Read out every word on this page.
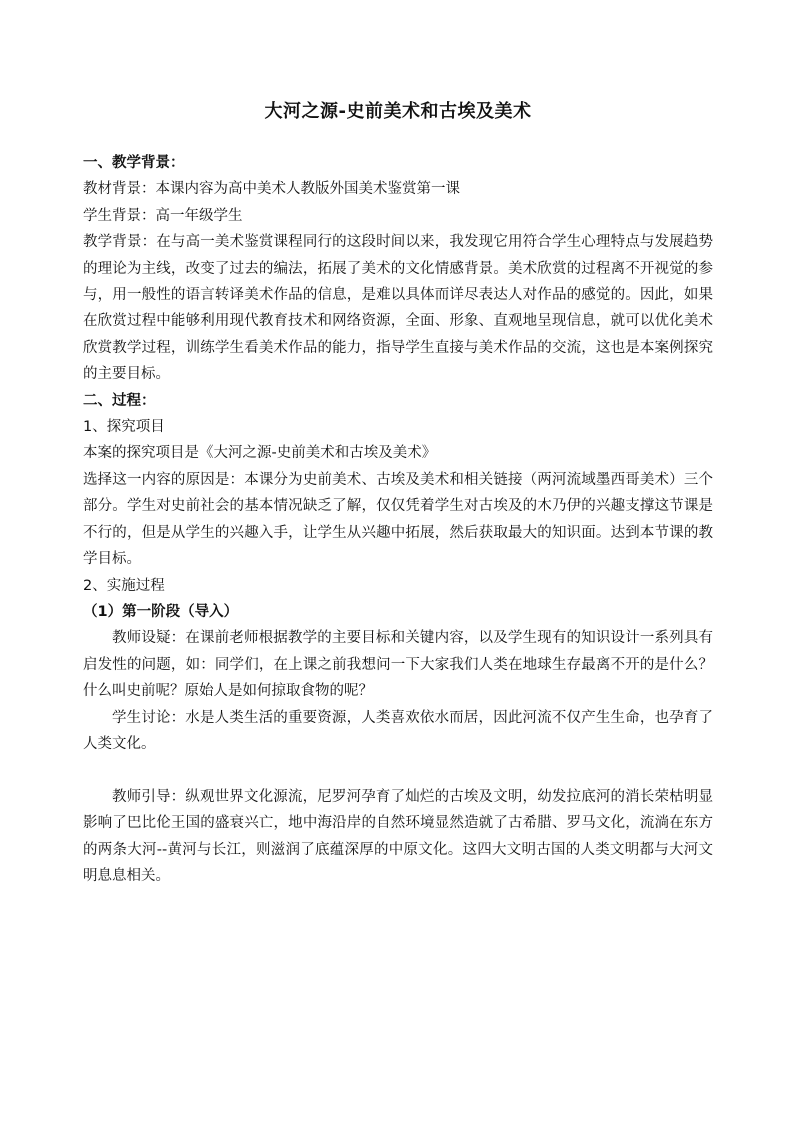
大河之源-史前美术和古埃及美术

一、教学背景：

教材背景：本课内容为高中美术人教版外国美术鉴赏第一课

学生背景：高一年级学生

教学背景：在与高一美术鉴赏课程同行的这段时间以来，我发现它用符合学生心理特点与发展趋势的理论为主线，改变了过去的编法，拓展了美术的文化情感背景。美术欣赏的过程离不开视觉的参与，用一般性的语言转译美术作品的信息，是难以具体而详尽表达人对作品的感觉的。因此，如果在欣赏过程中能够利用现代教育技术和网络资源，全面、形象、直观地呈现信息，就可以优化美术欣赏教学过程，训练学生看美术作品的能力，指导学生直接与美术作品的交流，这也是本案例探究的主要目标。

二、过程：

1、探究项目

本案的探究项目是《大河之源-史前美术和古埃及美术》

选择这一内容的原因是：本课分为史前美术、古埃及美术和相关链接（两河流域墨西哥美术）三个部分。学生对史前社会的基本情况缺乏了解，仅仅凭着学生对古埃及的木乃伊的兴趣支撑这节课是不行的，但是从学生的兴趣入手，让学生从兴趣中拓展，然后获取最大的知识面。达到本节课的教学目标。

2、实施过程

（1）第一阶段（导入）

教师设疑：在课前老师根据教学的主要目标和关键内容，以及学生现有的知识设计一系列具有启发性的问题，如：同学们，在上课之前我想问一下大家我们人类在地球生存最离不开的是什么？什么叫史前呢？原始人是如何掠取食物的呢？

学生讨论：水是人类生活的重要资源，人类喜欢依水而居，因此河流不仅产生生命，也孕育了人类文化。

教师引导：纵观世界文化源流，尼罗河孕育了灿烂的古埃及文明，幼发拉底河的消长荣枯明显影响了巴比伦王国的盛衰兴亡，地中海沿岸的自然环境显然造就了古希腊、罗马文化，流淌在东方的两条大河--黄河与长江，则滋润了底蕴深厚的中原文化。这四大文明古国的人类文明都与大河文明息息相关。
